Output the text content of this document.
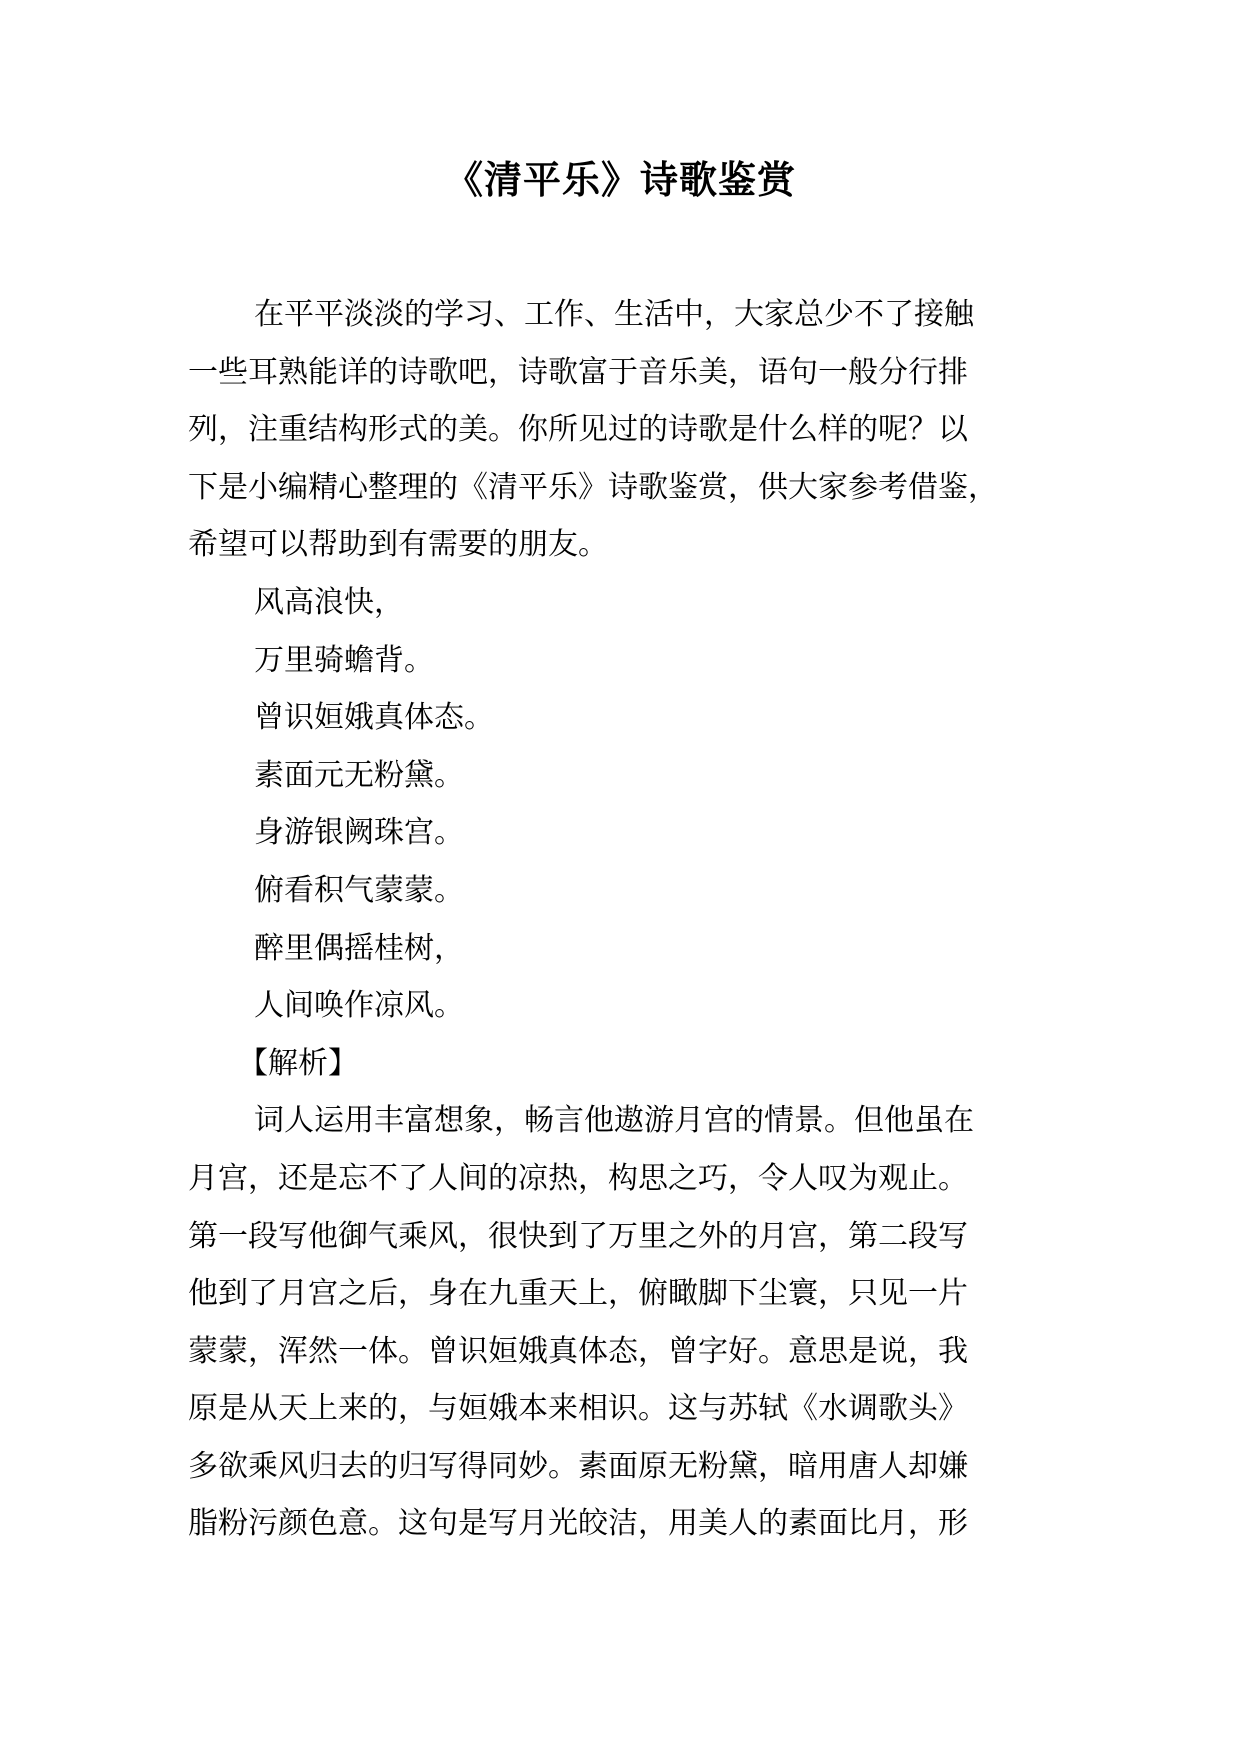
《清平乐》诗歌鉴赏
在平平淡淡的学习、工作、生活中，大家总少不了接触
一些耳熟能详的诗歌吧，诗歌富于音乐美，语句一般分行排
列，注重结构形式的美。你所见过的诗歌是什么样的呢？以
下是小编精心整理的《清平乐》诗歌鉴赏，供大家参考借鉴，
希望可以帮助到有需要的朋友。
风高浪快，
万里骑蟾背。
曾识姮娥真体态。
素面元无粉黛。
身游银阙珠宫。
俯看积气蒙蒙。
醉里偶摇桂树，
人间唤作凉风。
【解析】
词人运用丰富想象，畅言他遨游月宫的情景。但他虽在
月宫，还是忘不了人间的凉热，构思之巧，令人叹为观止。
第一段写他御气乘风，很快到了万里之外的月宫，第二段写
他到了月宫之后，身在九重天上，俯瞰脚下尘寰，只见一片
蒙蒙，浑然一体。曾识姮娥真体态，曾字好。意思是说，我
原是从天上来的，与姮娥本来相识。这与苏轼《水调歌头》
多欲乘风归去的归写得同妙。素面原无粉黛，暗用唐人却嫌
脂粉污颜色意。这句是写月光皎洁，用美人的素面比月，形
